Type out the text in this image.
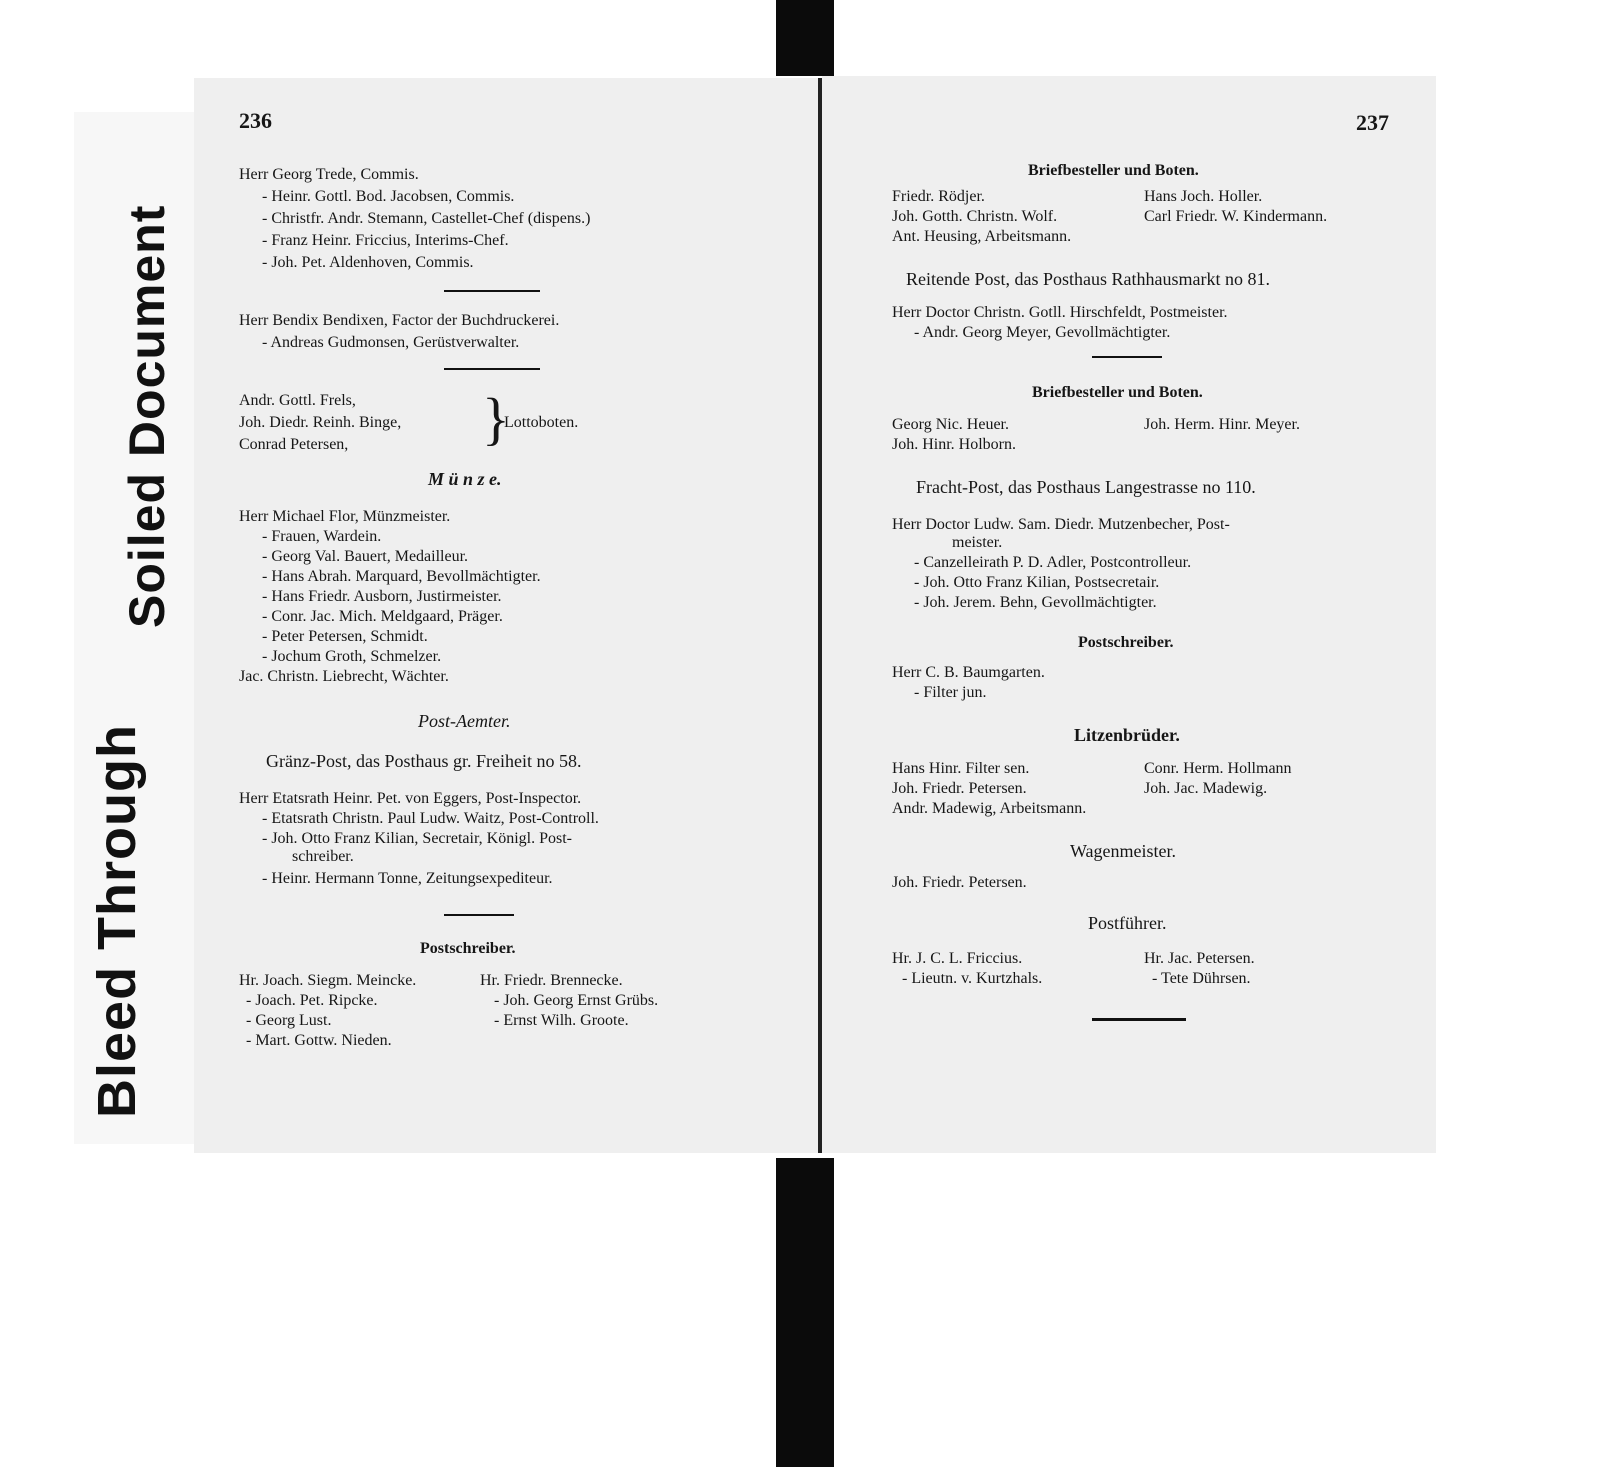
Bleed Through
Soiled Document
236
Herr Georg Trede, Commis.
- Heinr. Gottl. Bod. Jacobsen, Commis.
- Christfr. Andr. Stemann, Castellet-Chef (dispens.)
- Franz Heinr. Friccius, Interims-Chef.
- Joh. Pet. Aldenhoven, Commis.
Herr Bendix Bendixen, Factor der Buchdruckerei.
- Andreas Gudmonsen, Gerüstverwalter.
Andr. Gottl. Frels,
Joh. Diedr. Reinh. Binge,
Conrad Petersen, }
Lottoboten.
M ü n z e.
Herr Michael Flor, Münzmeister.
- Frauen, Wardein.
- Georg Val. Bauert, Medailleur.
- Hans Abrah. Marquard, Bevollmächtigter.
- Hans Friedr. Ausborn, Justirmeister.
- Conr. Jac. Mich. Meldgaard, Präger.
- Peter Petersen, Schmidt.
- Jochum Groth, Schmelzer.
Jac. Christn. Liebrecht, Wächter.
Post-Aemter.
Gränz-Post, das Posthaus gr. Freiheit no 58.
Herr Etatsrath Heinr. Pet. von Eggers, Post-Inspector.
- Etatsrath Christn. Paul Ludw. Waitz, Post-Controll.
- Joh. Otto Franz Kilian, Secretair, Königl. Post-
schreiber.
- Heinr. Hermann Tonne, Zeitungsexpediteur.
Postschreiber.
Hr. Joach. Siegm. Meincke.
- Joach. Pet. Ripcke.
- Georg Lust.
- Mart. Gottw. Nieden.
Hr. Friedr. Brennecke.
- Joh. Georg Ernst Grübs.
- Ernst Wilh. Groote.
237
Briefbesteller und Boten.
Friedr. Rödjer.
Joh. Gotth. Christn. Wolf.
Ant. Heusing, Arbeitsmann.
Hans Joch. Holler.
Carl Friedr. W. Kindermann.
Reitende Post, das Posthaus Rathhausmarkt no 81.
Herr Doctor Christn. Gotll. Hirschfeldt, Postmeister.
- Andr. Georg Meyer, Gevollmächtigter.
Briefbesteller und Boten.
Georg Nic. Heuer.
Joh. Hinr. Holborn.
Joh. Herm. Hinr. Meyer.
Fracht-Post, das Posthaus Langestrasse no 110.
Herr Doctor Ludw. Sam. Diedr. Mutzenbecher, Post-
meister.
- Canzelleirath P. D. Adler, Postcontrolleur.
- Joh. Otto Franz Kilian, Postsecretair.
- Joh. Jerem. Behn, Gevollmächtigter.
Postschreiber.
Herr C. B. Baumgarten.
- Filter jun.
Litzenbrüder.
Hans Hinr. Filter sen.
Joh. Friedr. Petersen.
Andr. Madewig, Arbeitsmann.
Conr. Herm. Hollmann
Joh. Jac. Madewig.
Wagenmeister.
Joh. Friedr. Petersen.
Postführer.
Hr. J. C. L. Friccius.
- Lieutn. v. Kurtzhals.
Hr. Jac. Petersen.
- Tete Dührsen.
